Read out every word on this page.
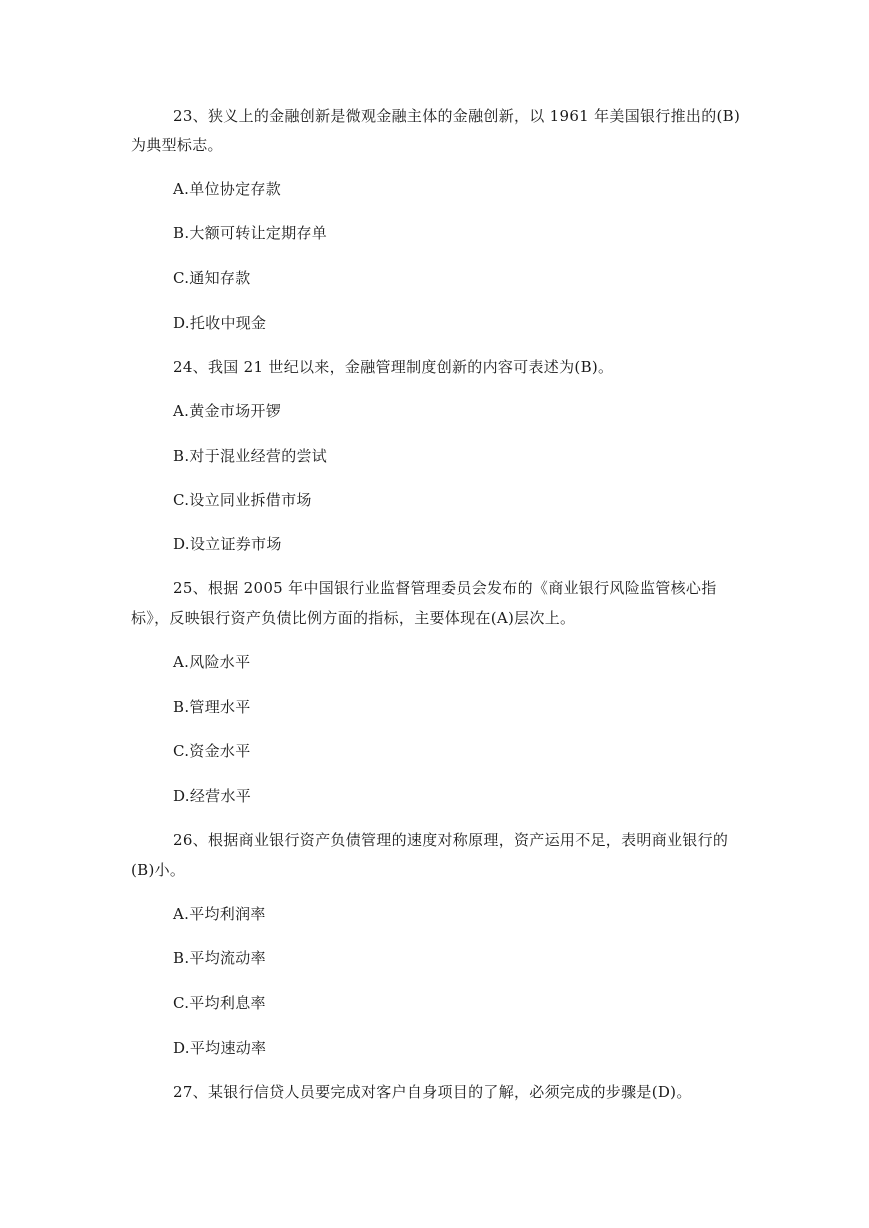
23、狭义上的金融创新是微观金融主体的金融创新，以 1961 年美国银行推出的(B)
为典型标志。
A.单位协定存款
B.大额可转让定期存单
C.通知存款
D.托收中现金
24、我国 21 世纪以来，金融管理制度创新的内容可表述为(B)。
A.黄金市场开锣
B.对于混业经营的尝试
C.设立同业拆借市场
D.设立证券市场
25、根据 2005 年中国银行业监督管理委员会发布的《商业银行风险监管核心指
标》，反映银行资产负债比例方面的指标，主要体现在(A)层次上。
A.风险水平
B.管理水平
C.资金水平
D.经营水平
26、根据商业银行资产负债管理的速度对称原理，资产运用不足，表明商业银行的
(B)小。
A.平均利润率
B.平均流动率
C.平均利息率
D.平均速动率
27、某银行信贷人员要完成对客户自身项目的了解，必须完成的步骤是(D)。
